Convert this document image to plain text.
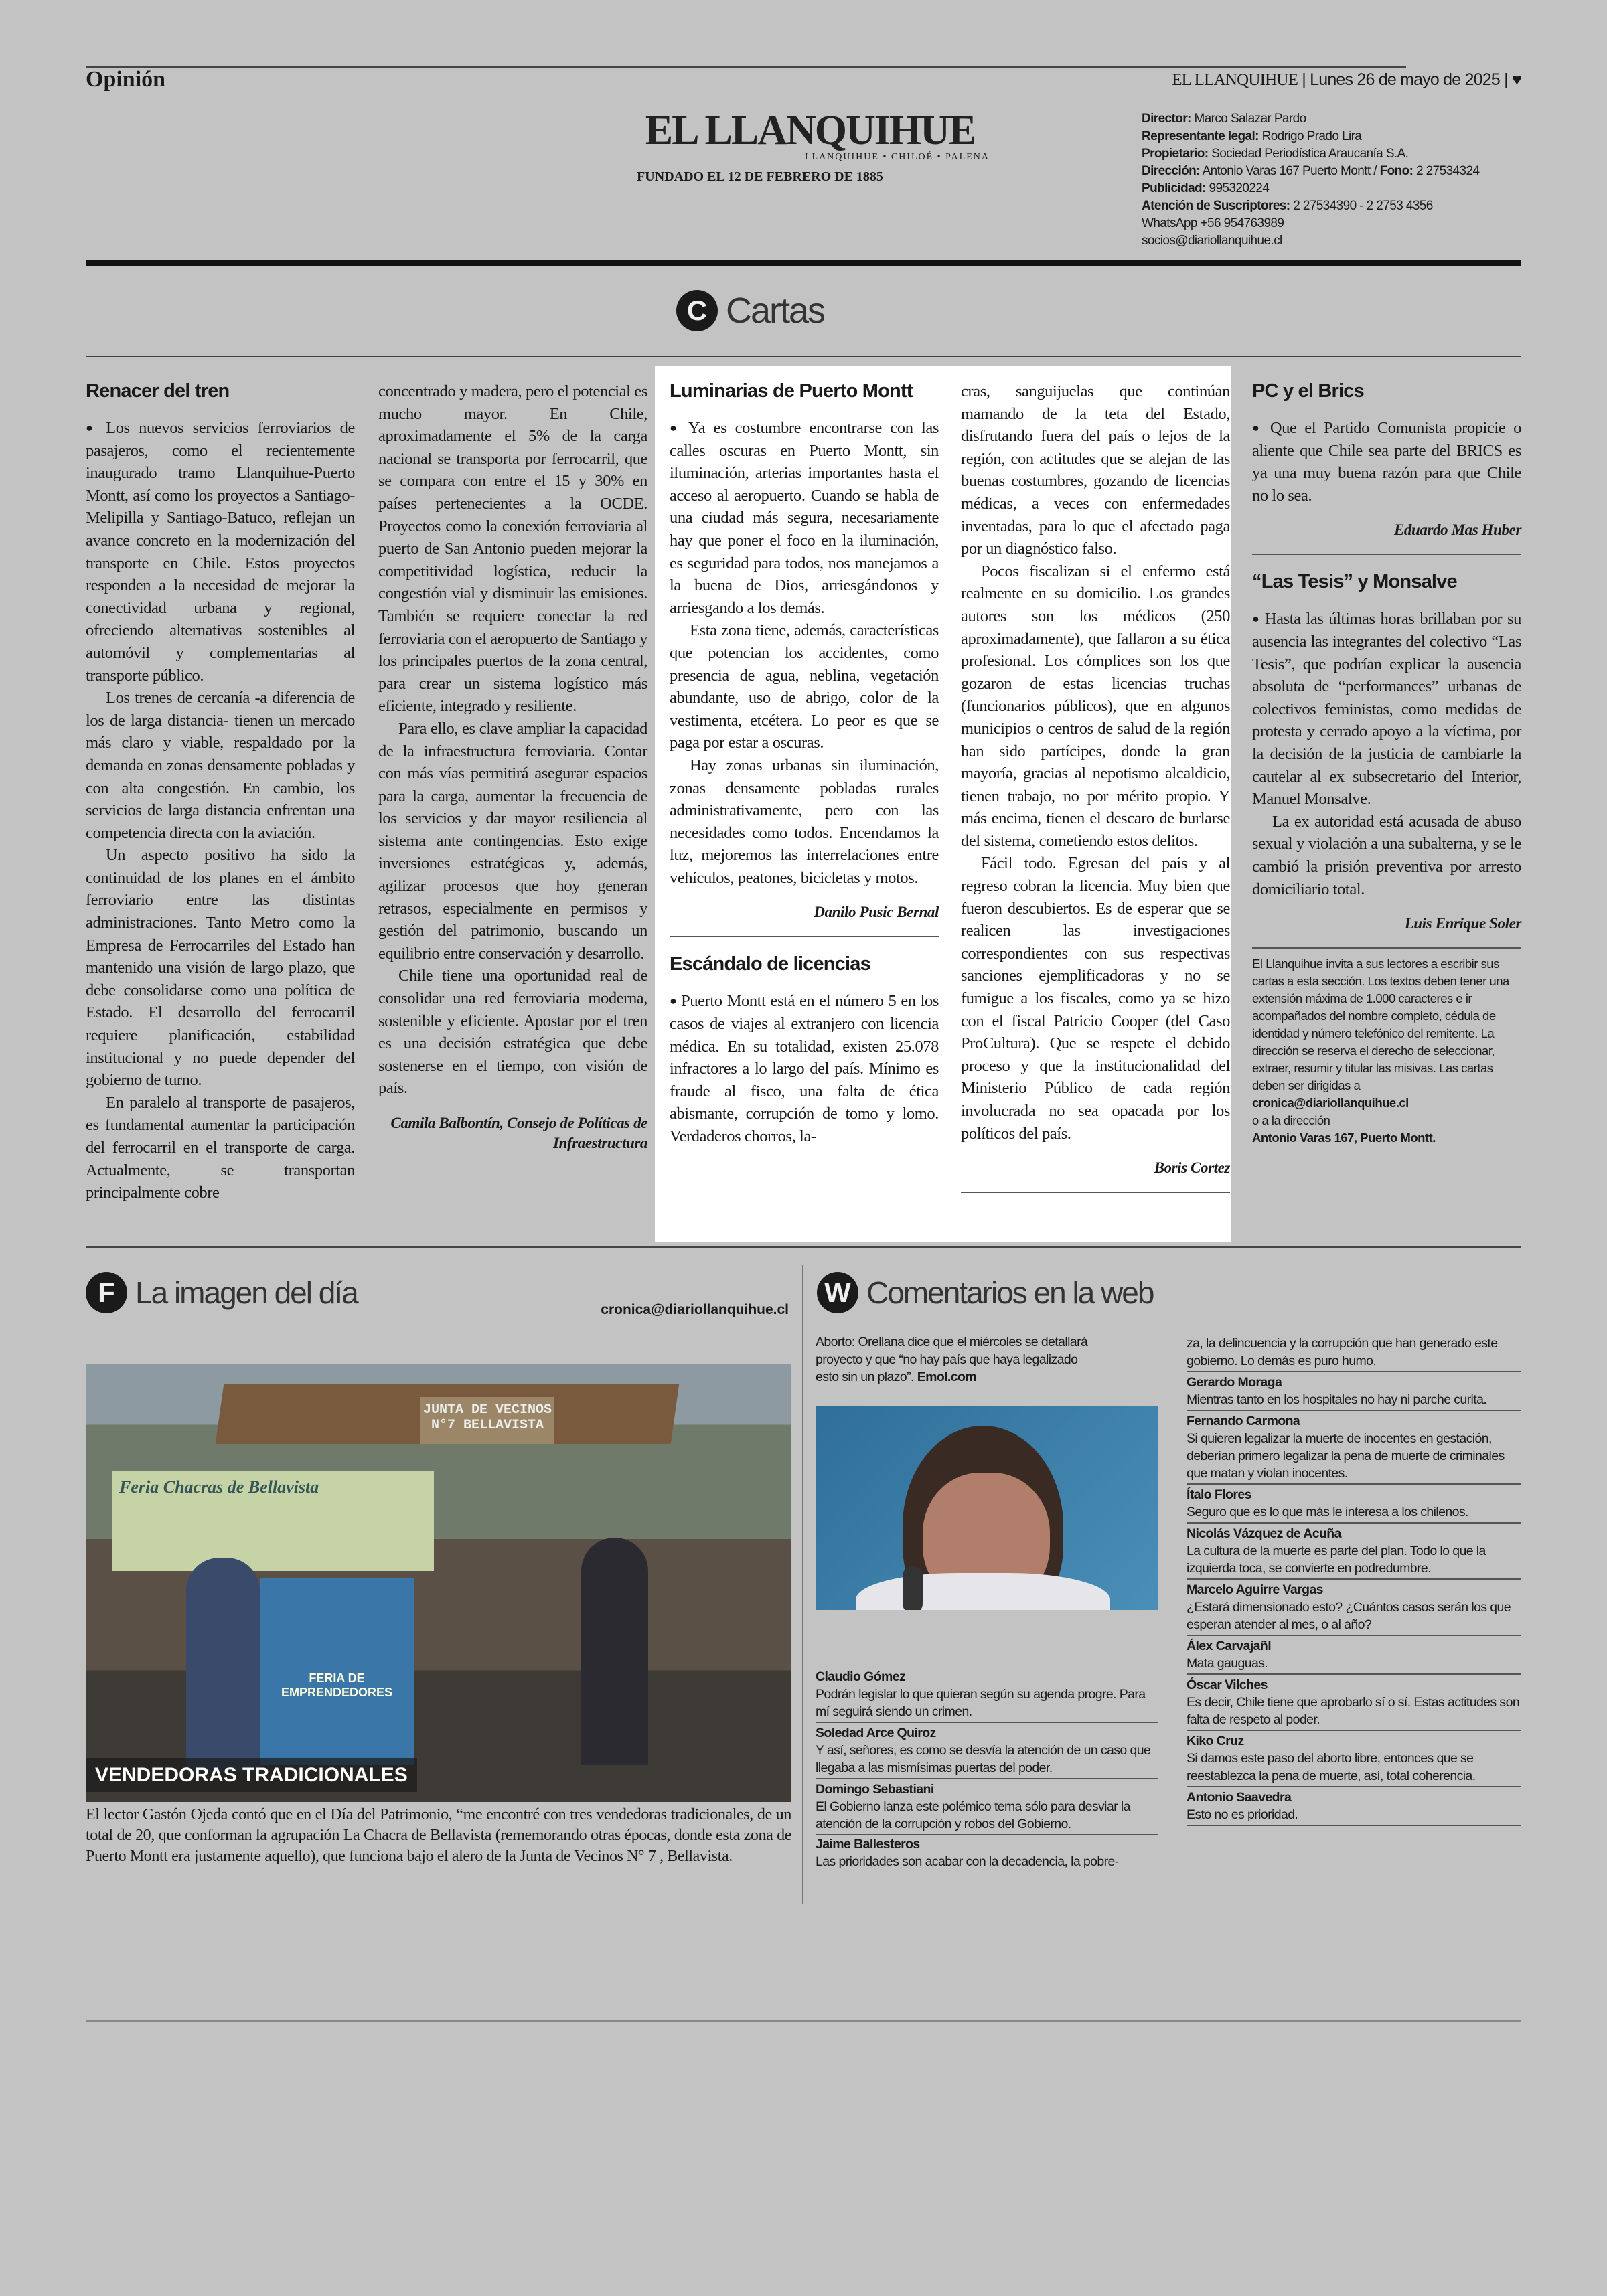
Opinión	EL LLANQUIHUE | Lunes 26 de mayo de 2025 | ♥
EL LLANQUIHUE
LLANQUIHUE • CHILOÉ • PALENA
FUNDADO EL 12 DE FEBRERO DE 1885
Director: Marco Salazar Pardo
Representante legal: Rodrigo Prado Lira
Propietario: Sociedad Periodística Araucanía S.A.
Dirección: Antonio Varas 167 Puerto Montt / Fono: 2 27534324
Publicidad: 995320224
Atención de Suscriptores: 2 27534390 - 2 2753 4356
WhatsApp +56 954763989
socios@diariollanquihue.cl
C Cartas
Renacer del tren

● Los nuevos servicios ferroviarios de pasajeros, como el recientemente inaugurado tramo Llanquihue-Puerto Montt, así como los proyectos a Santiago-Melipilla y Santiago-Batuco, reflejan un avance concreto en la modernización del transporte en Chile. Estos proyectos responden a la necesidad de mejorar la conectividad urbana y regional, ofreciendo alternativas sostenibles al automóvil y complementarias al transporte público.

Los trenes de cercanía -a diferencia de los de larga distancia- tienen un mercado más claro y viable, respaldado por la demanda en zonas densamente pobladas y con alta congestión. En cambio, los servicios de larga distancia enfrentan una competencia directa con la aviación.

Un aspecto positivo ha sido la continuidad de los planes en el ámbito ferroviario entre las distintas administraciones. Tanto Metro como la Empresa de Ferrocarriles del Estado han mantenido una visión de largo plazo, que debe consolidarse como una política de Estado. El desarrollo del ferrocarril requiere planificación, estabilidad institucional y no puede depender del gobierno de turno.

En paralelo al transporte de pasajeros, es fundamental aumentar la participación del ferrocarril en el transporte de carga. Actualmente, se transportan principalmente cobre

concentrado y madera, pero el potencial es mucho mayor. En Chile, aproximadamente el 5% de la carga nacional se transporta por ferrocarril, que se compara con entre el 15 y 30% en países pertenecientes a la OCDE. Proyectos como la conexión ferroviaria al puerto de San Antonio pueden mejorar la competitividad logística, reducir la congestión vial y disminuir las emisiones. También se requiere conectar la red ferroviaria con el aeropuerto de Santiago y los principales puertos de la zona central, para crear un sistema logístico más eficiente, integrado y resiliente.

Para ello, es clave ampliar la capacidad de la infraestructura ferroviaria. Contar con más vías permitirá asegurar espacios para la carga, aumentar la frecuencia de los servicios y dar mayor resiliencia al sistema ante contingencias. Esto exige inversiones estratégicas y, además, agilizar procesos que hoy generan retrasos, especialmente en permisos y gestión del patrimonio, buscando un equilibrio entre conservación y desarrollo.

Chile tiene una oportunidad real de consolidar una red ferroviaria moderna, sostenible y eficiente. Apostar por el tren es una decisión estratégica que debe sostenerse en el tiempo, con visión de país.

Camila Balbontín, Consejo de Políticas de Infraestructura

Luminarias de Puerto Montt

● Ya es costumbre encontrarse con las calles oscuras en Puerto Montt, sin iluminación, arterias importantes hasta el acceso al aeropuerto. Cuando se habla de una ciudad más segura, necesariamente hay que poner el foco en la iluminación, es seguridad para todos, nos manejamos a la buena de Dios, arriesgándonos y arriesgando a los demás.

Esta zona tiene, además, características que potencian los accidentes, como presencia de agua, neblina, vegetación abundante, uso de abrigo, color de la vestimenta, etcétera. Lo peor es que se paga por estar a oscuras.

Hay zonas urbanas sin iluminación, zonas densamente pobladas rurales administrativamente, pero con las necesidades como todos. Encendamos la luz, mejoremos las interrelaciones entre vehículos, peatones, bicicletas y motos.

Danilo Pusic Bernal

Escándalo de licencias

● Puerto Montt está en el número 5 en los casos de viajes al extranjero con licencia médica. En su totalidad, existen 25.078 infractores a lo largo del país. Mínimo es fraude al fisco, una falta de ética abismante, corrupción de tomo y lomo. Verdaderos chorros, la-

cras, sanguijuelas que continúan mamando de la teta del Estado, disfrutando fuera del país o lejos de la región, con actitudes que se alejan de las buenas costumbres, gozando de licencias médicas, a veces con enfermedades inventadas, para lo que el afectado paga por un diagnóstico falso.

Pocos fiscalizan si el enfermo está realmente en su domicilio. Los grandes autores son los médicos (250 aproximadamente), que fallaron a su ética profesional. Los cómplices son los que gozaron de estas licencias truchas (funcionarios públicos), que en algunos municipios o centros de salud de la región han sido partícipes, donde la gran mayoría, gracias al nepotismo alcaldicio, tienen trabajo, no por mérito propio. Y más encima, tienen el descaro de burlarse del sistema, cometiendo estos delitos.

Fácil todo. Egresan del país y al regreso cobran la licencia. Muy bien que fueron descubiertos. Es de esperar que se realicen las investigaciones correspondientes con sus respectivas sanciones ejemplificadoras y no se fumigue a los fiscales, como ya se hizo con el fiscal Patricio Cooper (del Caso ProCultura). Que se respete el debido proceso y que la institucionalidad del Ministerio Público de cada región involucrada no sea opacada por los políticos del país.

Boris Cortez

PC y el Brics

● Que el Partido Comunista propicie o aliente que Chile sea parte del BRICS es ya una muy buena razón para que Chile no lo sea.

Eduardo Mas Huber

“Las Tesis” y Monsalve

● Hasta las últimas horas brillaban por su ausencia las integrantes del colectivo “Las Tesis”, que podrían explicar la ausencia absoluta de “performances” urbanas de colectivos feministas, como medidas de protesta y cerrado apoyo a la víctima, por la decisión de la justicia de cambiarle la cautelar al ex subsecretario del Interior, Manuel Monsalve.

La ex autoridad está acusada de abuso sexual y violación a una subalterna, y se le cambió la prisión preventiva por arresto domiciliario total.

Luis Enrique Soler

El Llanquihue invita a sus lectores a escribir sus cartas a esta sección. Los textos deben tener una extensión máxima de 1.000 caracteres e ir acompañados del nombre completo, cédula de identidad y número telefónico del remitente. La dirección se reserva el derecho de seleccionar, extraer, resumir y titular las misivas. Las cartas deben ser dirigidas a
cronica@diariollanquihue.cl
o a la dirección
Antonio Varas 167, Puerto Montt.
F La imagen del día	cronica@diariollanquihue.cl
JUNTA DE VECINOS N°7 BELLAVISTA
Feria Chacras de Bellavista
FERIA DE EMPRENDEDORES
VENDEDORAS TRADICIONALES
El lector Gastón Ojeda contó que en el Día del Patrimonio, “me encontré con tres vendedoras tradicionales, de un total de 20, que conforman la agrupación La Chacra de Bellavista (rememorando otras épocas, donde esta zona de Puerto Montt era justamente aquello), que funciona bajo el alero de la Junta de Vecinos N° 7 , Bellavista.
W Comentarios en la web
Aborto: Orellana dice que el miércoles se detallará proyecto y que “no hay país que haya legalizado esto sin un plazo”. Emol.com
Claudio Gómez
Podrán legislar lo que quieran según su agenda progre. Para mí seguirá siendo un crimen.
Soledad Arce Quiroz
Y así, señores, es como se desvía la atención de un caso que llegaba a las mismísimas puertas del poder.
Domingo Sebastiani
El Gobierno lanza este polémico tema sólo para desviar la atención de la corrupción y robos del Gobierno.
Jaime Ballesteros
Las prioridades son acabar con la decadencia, la pobre-
za, la delincuencia y la corrupción que han generado este gobierno. Lo demás es puro humo.
Gerardo Moraga
Mientras tanto en los hospitales no hay ni parche curita.
Fernando Carmona
Si quieren legalizar la muerte de inocentes en gestación, deberían primero legalizar la pena de muerte de criminales que matan y violan inocentes.
Ítalo Flores
Seguro que es lo que más le interesa a los chilenos.
Nicolás Vázquez de Acuña
La cultura de la muerte es parte del plan. Todo lo que la izquierda toca, se convierte en podredumbre.
Marcelo Aguirre Vargas
¿Estará dimensionado esto? ¿Cuántos casos serán los que esperan atender al mes, o al año?
Álex Carvajañl
Mata gauguas.
Óscar Vilches
Es decir, Chile tiene que aprobarlo sí o sí. Estas actitudes son falta de respeto al poder.
Kiko Cruz
Si damos este paso del aborto libre, entonces que se reestablezca la pena de muerte, así, total coherencia.
Antonio Saavedra
Esto no es prioridad.
